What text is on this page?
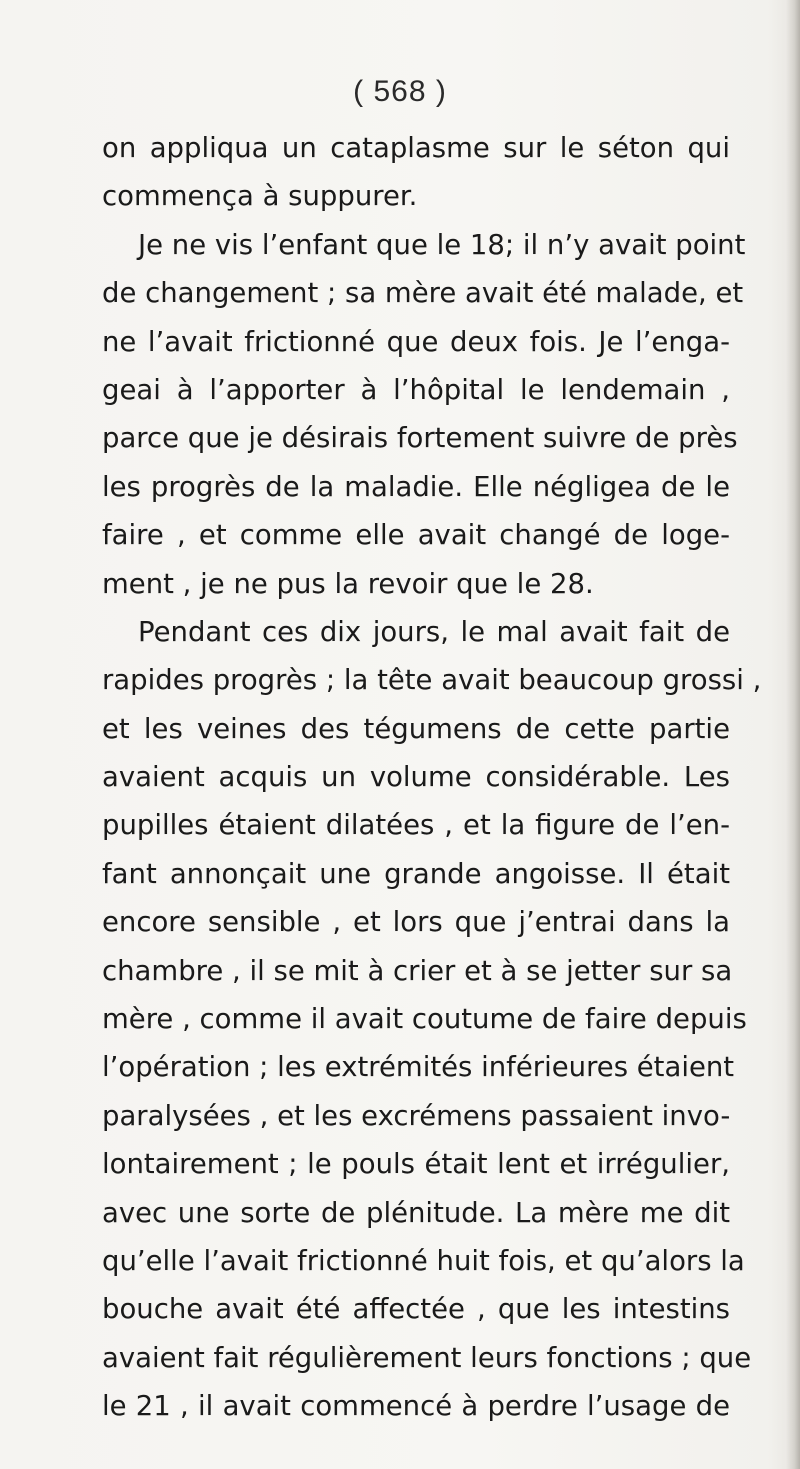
( 568 )
on appliqua un cataplasme sur le séton qui
commença à suppurer.
Je ne vis l’enfant que le 18; il n’y avait point
de changement ; sa mère avait été malade, et
ne l’avait frictionné que deux fois. Je l’enga-
geai à l’apporter à l’hôpital le lendemain ,
parce que je désirais fortement suivre de près
les progrès de la maladie. Elle négligea de le
faire , et comme elle avait changé de loge-
ment , je ne pus la revoir que le 28.
Pendant ces dix jours, le mal avait fait de
rapides progrès ; la tête avait beaucoup grossi ,
et les veines des tégumens de cette partie
avaient acquis un volume considérable. Les
pupilles étaient dilatées , et la figure de l’en-
fant annonçait une grande angoisse. Il était
encore sensible , et lors que j’entrai dans la
chambre , il se mit à crier et à se jetter sur sa
mère , comme il avait coutume de faire depuis
l’opération ; les extrémités inférieures étaient
paralysées , et les excrémens passaient invo-
lontairement ; le pouls était lent et irrégulier,
avec une sorte de plénitude. La mère me dit
qu’elle l’avait frictionné huit fois, et qu’alors la
bouche avait été affectée , que les intestins
avaient fait régulièrement leurs fonctions ; que
le 21 , il avait commencé à perdre l’usage de
